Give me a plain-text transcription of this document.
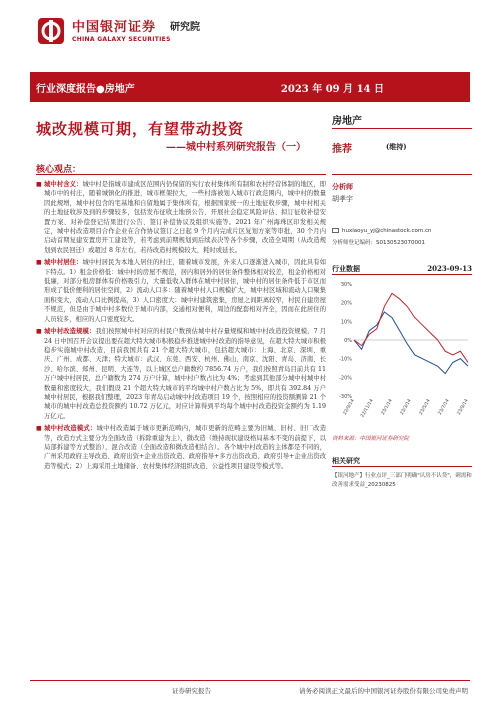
中国银河证券 研究院
CHINA GALAXY SECURITIES
行业深度报告●房地产	2023 年 09 月 14 日
城改规模可期，有望带动投资
——城中村系列研究报告（一）
核心观点：

■ 城中村含义：城中村是指城市建成区范围内仍保留的实行农村集体所有制和农村经营体制的地区，即城市中的村庄，随着城镇化的推进，城市框架拉大，一些村落被划入城市行政范围内，城中村的数量因此规增，城中村包含的宅基地和自留地属于集体所有，根据国家统一的土地征收步骤，城中村相关的土地征收涉及到的步骤较多，包括发布征收土地预公告、开展社会稳定风险评估、拟订征收补偿安置方案、对补偿登记结果进行公告、签订补偿协议及组织实施等。2021 年广州海珠区印发相关规定，城中村改造项目合作企业在合作协议签订之日起 9 个月内完成片区复划方案等审批，30 个月内启动首期复建安置房开工建设等，若考虑到前期规划到后续表决等各个步骤，改造全周期（从改造规划到农民回迁）或超过 8 年左右，若待改造村规模较大，耗时或延长。

■ 城中村居住：城中村居民为本地人居住的村庄，随着城市发展，外来人口逐渐进入城市，因此具有如下特点。1）租金价格低：城中村的房屋不规范，居内和居外的居住条件整体相对较差，租金价格相对低廉，对部分租房群体有价格吸引力，大量低收入群体在城中村居住，城中村的居住条件低于市区而形成了低价便利的居住空间，2）流动人口多：随着城中村人口规模扩大，城中村区域和流动人口聚集面积变大，流动人口比例提高，3）人口密度大：城中村建筑密集，房屋之间距离较窄，村民自建房屋不规范，但是由于城中村多数位于城市内部，交通相对便利，周边的配套相对齐全，因而在此居住的人员较多，相应的人口密度较大。

■ 城中村改造规模：我们按照城中村对应的村民户数预估城中村存量规模和城中村改造投资规模，7 月 24 日中国召开会议提出要在超大特大城市积极稳步推进城中村改造的指导意见，在超大特大城市积极稳步实施城中村改造，目前我国共有 21 个超大特大城市，包括超大城市：上海、北京、深圳、重庆、广州、成都、天津；特大城市：武汉、东莞、西安、杭州、佛山、南京、沈阳、青岛、济南、长沙、哈尔滨、郑州、昆明、大连等，以上城区总户籍数约 7856.74 万户，我们按照青岛目前共有 11 万户城中村居民，总户籍数为 274 万户计算，城中村户数占比为 4%；考虑到其他部分城中村城中村数量和密度较大，我们假设 21 个超大特大城市的平均城中村户数占比为 5%，即共有 392.84 万户城中村居民，根据我们整理，2023 年青岛启动城中村改造项目 19 个，按照相应的投资额测算 21 个城市的城中村改造总投资额约 10.72 万亿元，对应计算得到平均每个城中村改造投资金额约为 1.19 万亿元。

■ 城中村改造模式：城中村改造属于城市更新范畴内，城市更新的范畴主要为旧城、旧村、旧厂改造等，改造方式主要分为全面改造（拆除重建为主），微改造（维持现状建设格局基本不变的前提下，以局部拆建等方式整治），混合改造（全面改造和微改造相结合）。各个城中村改造的主体都是不同的，广州采用政府主导改造、政府出资+企业出资改造、政府指导+多方出资改造、政府引导+企业出资改造等模式；2）上海采用土地储备、农村集体经济组织改造、公益性项目建设等模式等。

房地产
推荐	(维持)
分析师
胡孝宇
huxiaoyu_yj@chinastock.com.cn
分析师登记编码：S0130523070001
行业数据	2023-09-13
30%
20%
10%
0%
-10%
-20%
-30%
22/9/14 22/11/14 23/1/14 23/3/14 23/5/14 23/7/14 23/9/14
资料来源：中国银河证券研究院
相关研究
【银河地产】行业点评_三部门明确"认房不认贷"，刺需和改善需求受益_20230825
证券研究报告	请务必阅读正文最后的中国银河证券股份有限公司免责声明
